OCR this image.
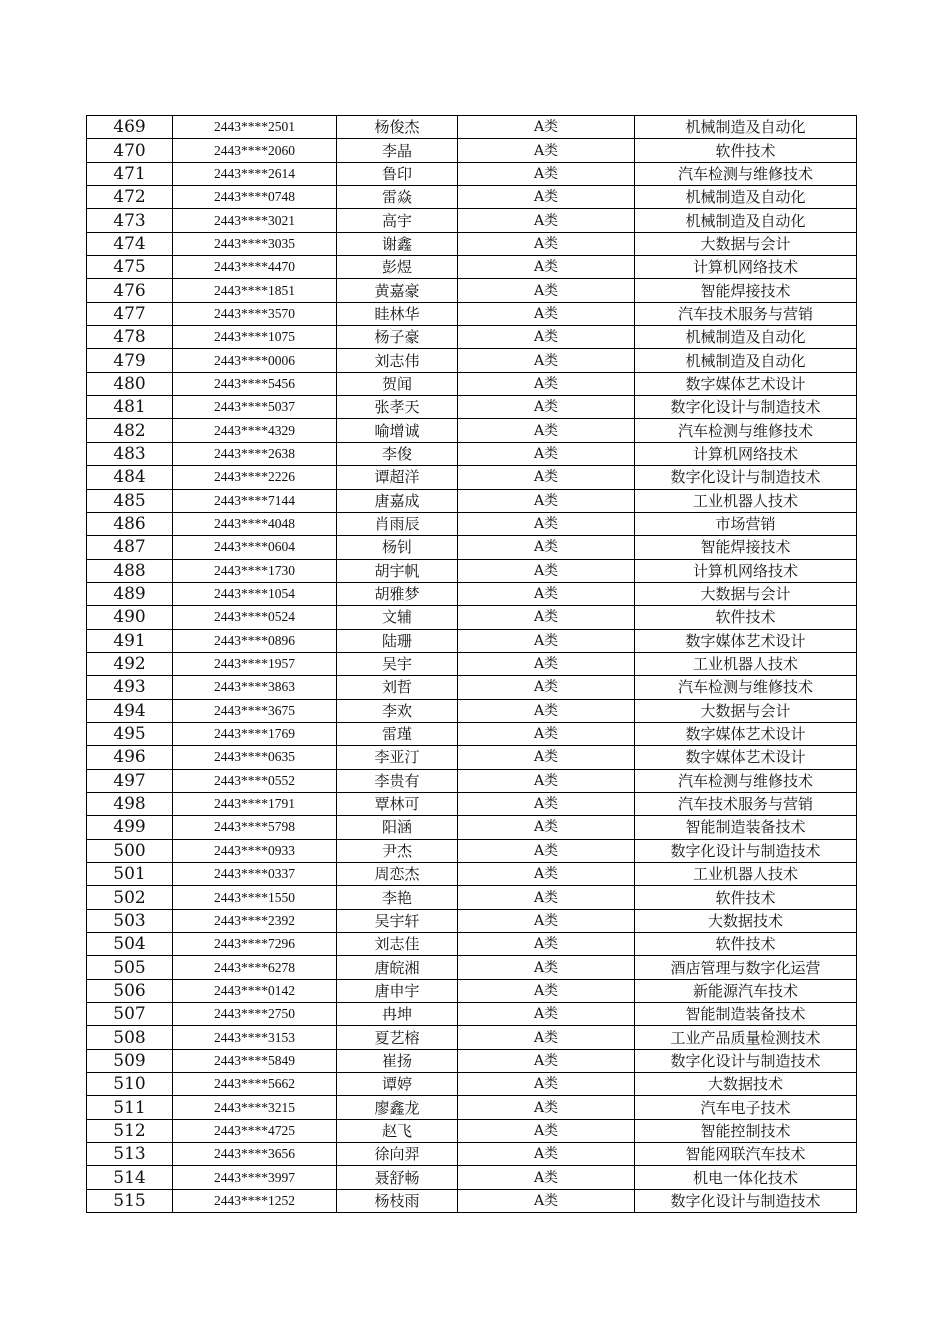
469	2443****2501	杨俊杰	A类	机械制造及自动化
470	2443****2060	李晶	A类	软件技术
471	2443****2614	鲁印	A类	汽车检测与维修技术
472	2443****0748	雷焱	A类	机械制造及自动化
473	2443****3021	高宇	A类	机械制造及自动化
474	2443****3035	谢鑫	A类	大数据与会计
475	2443****4470	彭煜	A类	计算机网络技术
476	2443****1851	黄嘉豪	A类	智能焊接技术
477	2443****3570	眭林华	A类	汽车技术服务与营销
478	2443****1075	杨子豪	A类	机械制造及自动化
479	2443****0006	刘志伟	A类	机械制造及自动化
480	2443****5456	贺闻	A类	数字媒体艺术设计
481	2443****5037	张孝天	A类	数字化设计与制造技术
482	2443****4329	喻增诚	A类	汽车检测与维修技术
483	2443****2638	李俊	A类	计算机网络技术
484	2443****2226	谭超洋	A类	数字化设计与制造技术
485	2443****7144	唐嘉成	A类	工业机器人技术
486	2443****4048	肖雨辰	A类	市场营销
487	2443****0604	杨钊	A类	智能焊接技术
488	2443****1730	胡宇帆	A类	计算机网络技术
489	2443****1054	胡雅梦	A类	大数据与会计
490	2443****0524	文辅	A类	软件技术
491	2443****0896	陆珊	A类	数字媒体艺术设计
492	2443****1957	吴宇	A类	工业机器人技术
493	2443****3863	刘哲	A类	汽车检测与维修技术
494	2443****3675	李欢	A类	大数据与会计
495	2443****1769	雷瑾	A类	数字媒体艺术设计
496	2443****0635	李亚汀	A类	数字媒体艺术设计
497	2443****0552	李贵有	A类	汽车检测与维修技术
498	2443****1791	覃林可	A类	汽车技术服务与营销
499	2443****5798	阳涵	A类	智能制造装备技术
500	2443****0933	尹杰	A类	数字化设计与制造技术
501	2443****0337	周恋杰	A类	工业机器人技术
502	2443****1550	李艳	A类	软件技术
503	2443****2392	吴宇轩	A类	大数据技术
504	2443****7296	刘志佳	A类	软件技术
505	2443****6278	唐皖湘	A类	酒店管理与数字化运营
506	2443****0142	唐申宇	A类	新能源汽车技术
507	2443****2750	冉坤	A类	智能制造装备技术
508	2443****3153	夏艺榕	A类	工业产品质量检测技术
509	2443****5849	崔扬	A类	数字化设计与制造技术
510	2443****5662	谭婷	A类	大数据技术
511	2443****3215	廖鑫龙	A类	汽车电子技术
512	2443****4725	赵飞	A类	智能控制技术
513	2443****3656	徐向羿	A类	智能网联汽车技术
514	2443****3997	聂舒畅	A类	机电一体化技术
515	2443****1252	杨枝雨	A类	数字化设计与制造技术
